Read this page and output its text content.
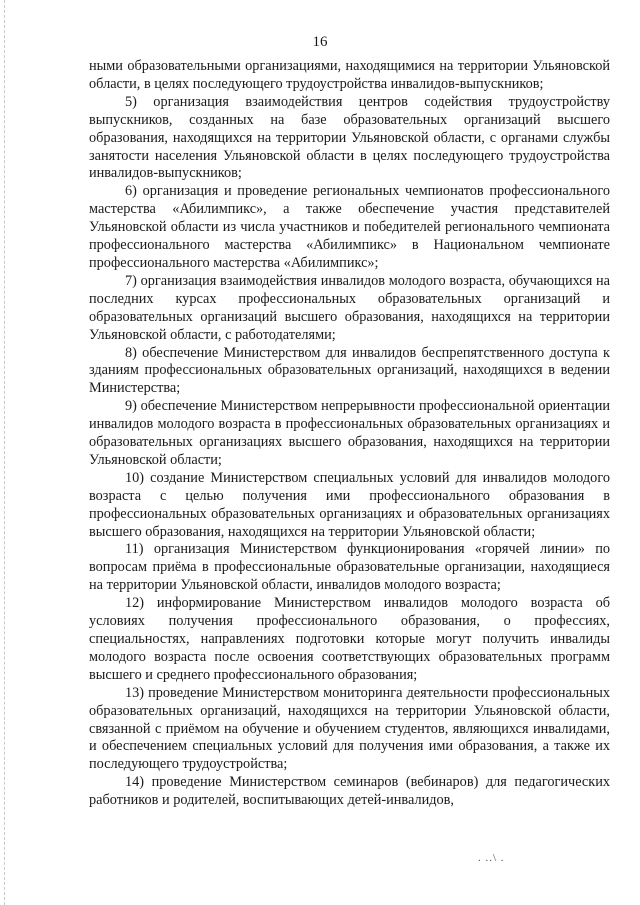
16

ными образовательными организациями, находящимися на территории Ульяновской области, в целях последующего трудоустройства инвалидов-выпускников;

5) организация взаимодействия центров содействия трудоустройству выпускников, созданных на базе образовательных организаций высшего образования, находящихся на территории Ульяновской области, с органами службы занятости населения Ульяновской области в целях последующего трудоустройства инвалидов-выпускников;

6) организация и проведение региональных чемпионатов профессионального мастерства «Абилимпикс», а также обеспечение участия представителей Ульяновской области из числа участников и победителей регионального чемпионата профессионального мастерства «Абилимпикс» в Национальном чемпионате профессионального мастерства «Абилимпикс»;

7) организация взаимодействия инвалидов молодого возраста, обучающихся на последних курсах профессиональных образовательных организаций и образовательных организаций высшего образования, находящихся на территории Ульяновской области, с работодателями;

8) обеспечение Министерством для инвалидов беспрепятственного доступа к зданиям профессиональных образовательных организаций, находящихся в ведении Министерства;

9) обеспечение Министерством непрерывности профессиональной ориентации инвалидов молодого возраста в профессиональных образовательных организациях и образовательных организациях высшего образования, находящихся на территории Ульяновской области;

10) создание Министерством специальных условий для инвалидов молодого возраста с целью получения ими профессионального образования в профессиональных образовательных организациях и образовательных организациях высшего образования, находящихся на территории Ульяновской области;

11) организация Министерством функционирования «горячей линии» по вопросам приёма в профессиональные образовательные организации, находящиеся на территории Ульяновской области, инвалидов молодого возраста;

12) информирование Министерством инвалидов молодого возраста об условиях получения профессионального образования, о профессиях, специальностях, направлениях подготовки которые могут получить инвалиды молодого возраста после освоения соответствующих образовательных программ высшего и среднего профессионального образования;

13) проведение Министерством мониторинга деятельности профессиональных образовательных организаций, находящихся на территории Ульяновской области, связанной с приёмом на обучение и обучением студентов, являющихся инвалидами, и обеспечением специальных условий для получения ими образования, а также их последующего трудоустройства;

14) проведение Министерством семинаров (вебинаров) для педагогических работников и родителей, воспитывающих детей-инвалидов,

. ..\ .
